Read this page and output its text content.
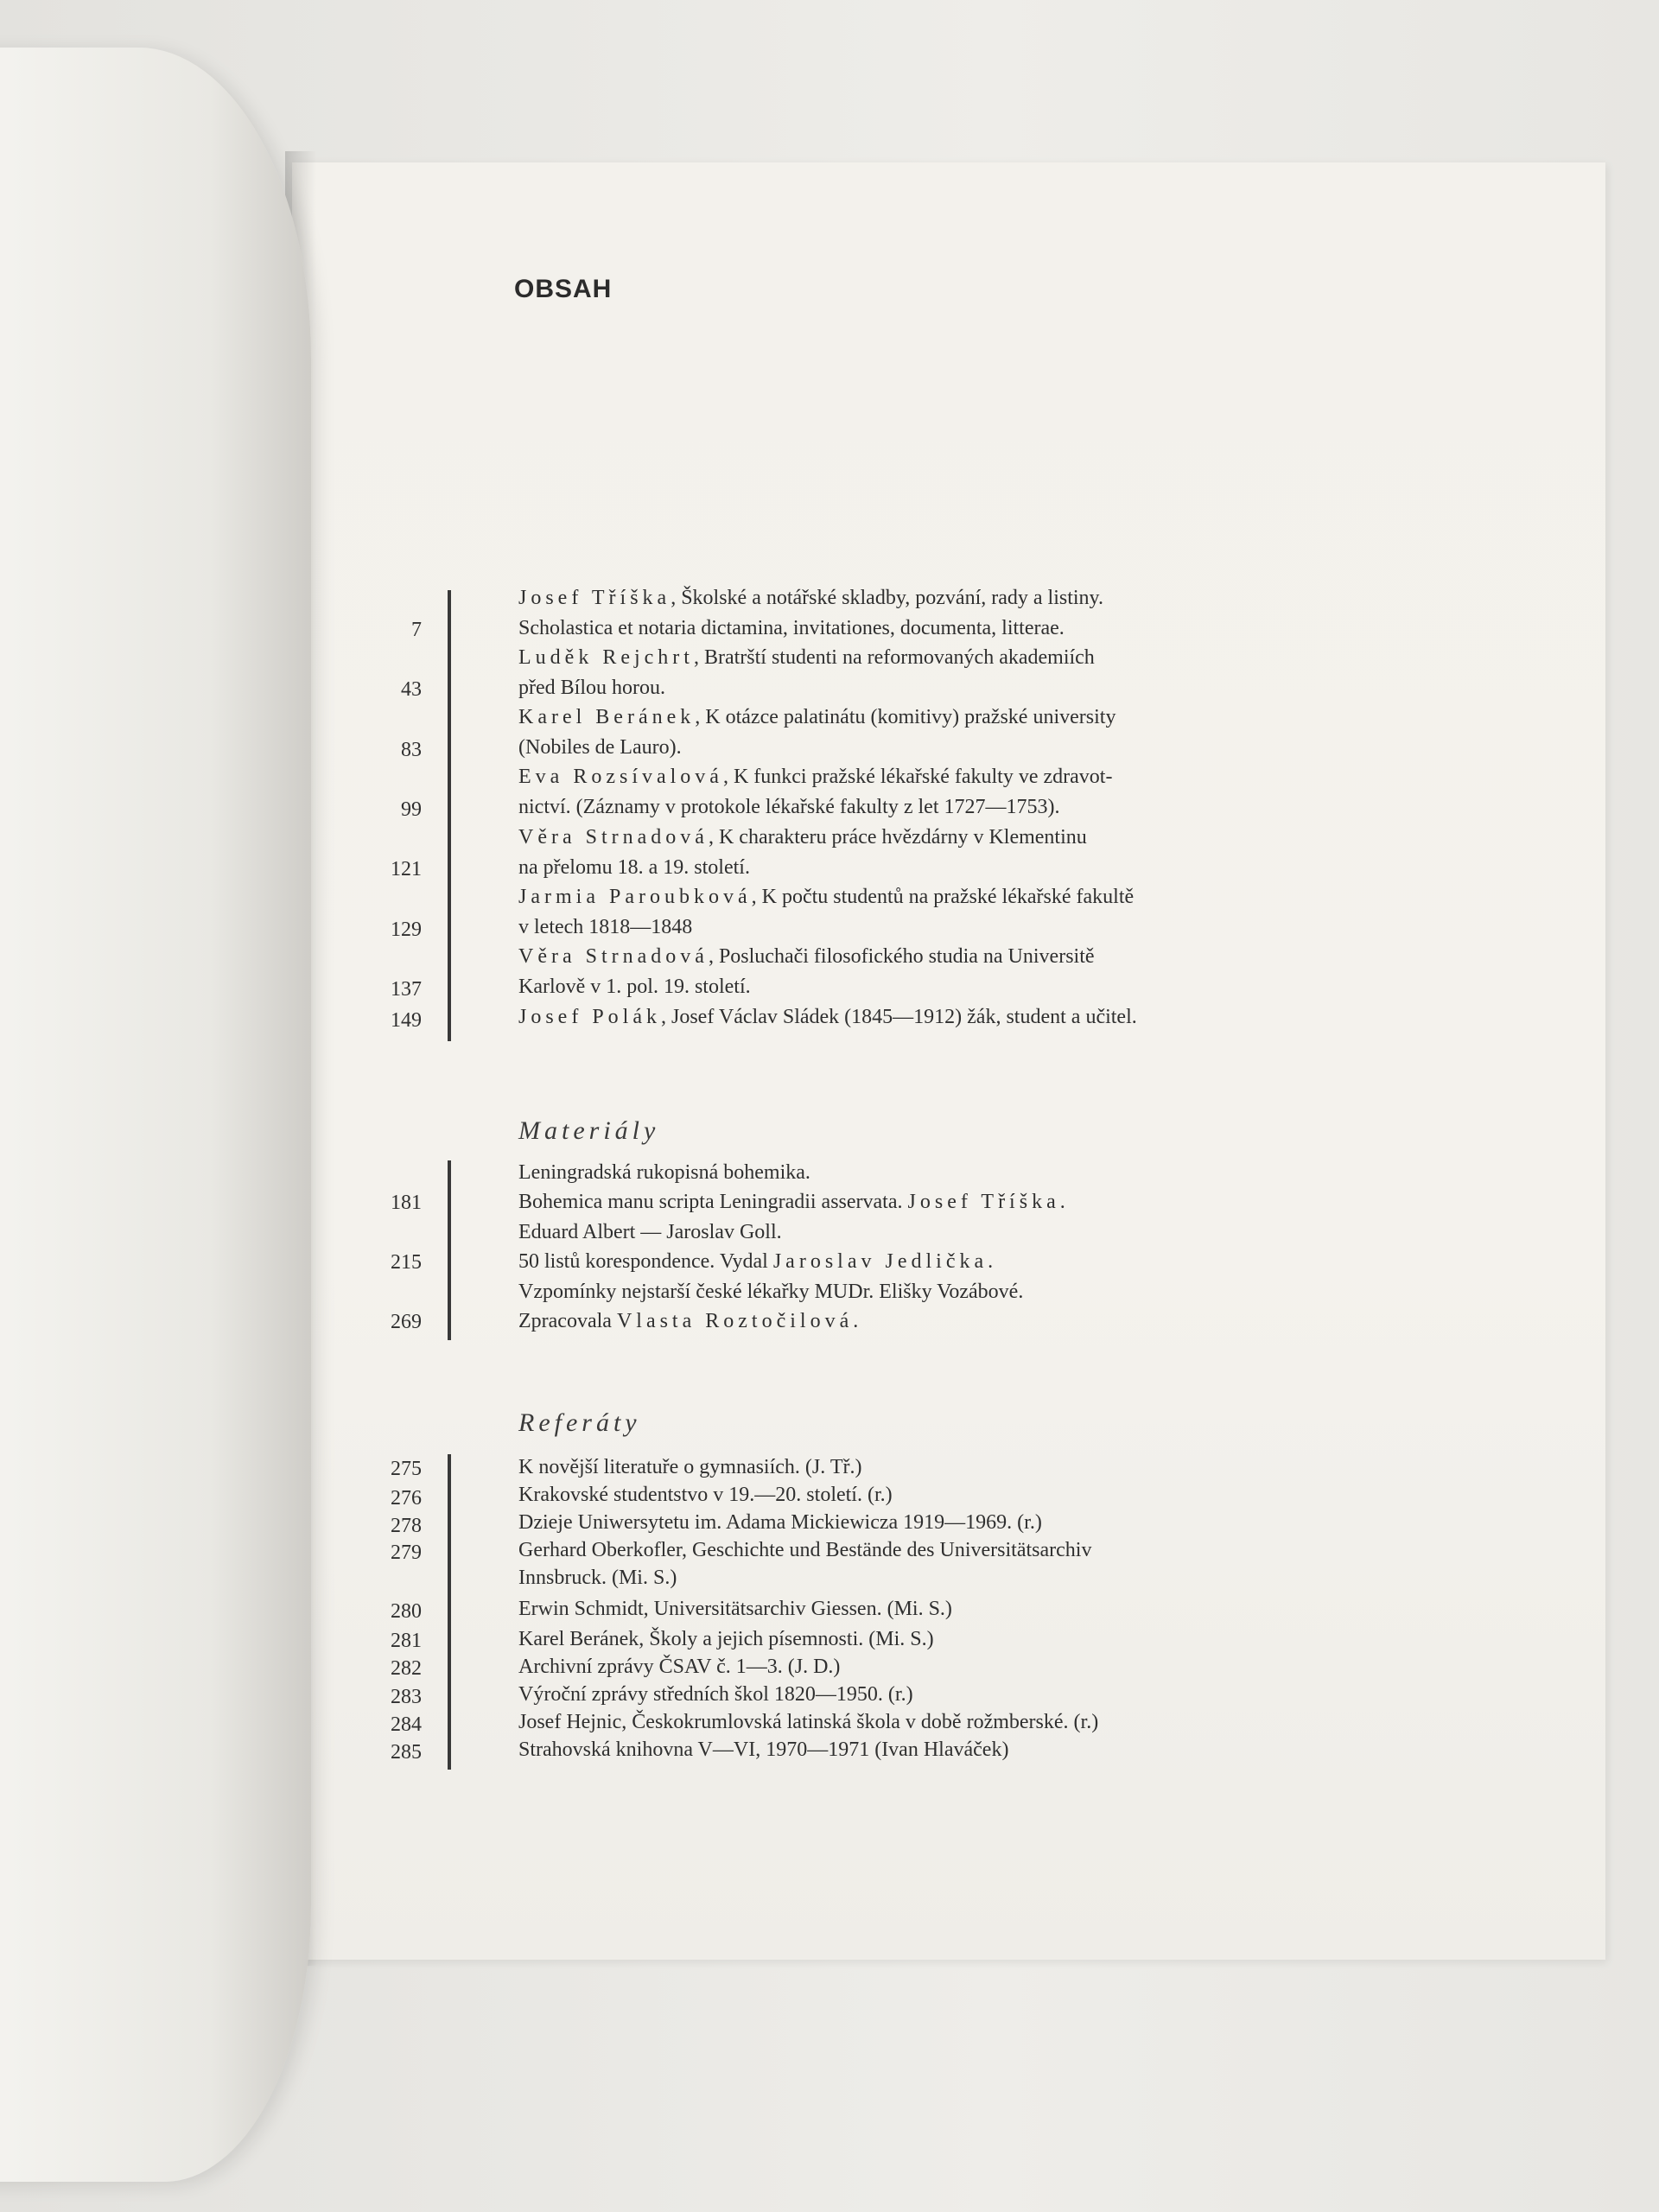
OBSAH
Josef Tříška, Školské a notářské skladby, pozvání, rady a listiny.
Scholastica et notaria dictamina, invitationes, documenta, litterae.
7
Luděk Rejchrt, Bratrští studenti na reformovaných akademiích
před Bílou horou.
43
Karel Beránek, K otázce palatinátu (komitivy) pražské university
(Nobiles de Lauro).
83
Eva Rozsívalová, K funkci pražské lékařské fakulty ve zdravot-
nictví. (Záznamy v protokole lékařské fakulty z let 1727—1753).
99
Věra Strnadová, K charakteru práce hvězdárny v Klementinu
na přelomu 18. a 19. století.
121
Jarmia Paroubková, K počtu studentů na pražské lékařské fakultě
v letech 1818—1848
129
Věra Strnadová, Posluchači filosofického studia na Universitě
Karlově v 1. pol. 19. století.
137
Josef Polák, Josef Václav Sládek (1845—1912) žák, student a učitel.
149
Materiály
Leningradská rukopisná bohemika.
Bohemica manu scripta Leningradii asservata. Josef Tříška.
181
Eduard Albert — Jaroslav Goll.
50 listů korespondence. Vydal Jaroslav Jedlička.
215
Vzpomínky nejstarší české lékařky MUDr. Elišky Vozábové.
Zpracovala Vlasta Roztočilová.
269
Referáty
K novější literatuře o gymnasiích. (J. Tř.)
275
Krakovské studentstvo v 19.—20. století. (r.)
276
Dzieje Uniwersytetu im. Adama Mickiewicza 1919—1969. (r.)
278
Gerhard Oberkofler, Geschichte und Bestände des Universitätsarchiv
Innsbruck. (Mi. S.)
279
Erwin Schmidt, Universitätsarchiv Giessen. (Mi. S.)
280
Karel Beránek, Školy a jejich písemnosti. (Mi. S.)
281
Archivní zprávy ČSAV č. 1—3. (J. D.)
282
Výroční zprávy středních škol 1820—1950. (r.)
283
Josef Hejnic, Českokrumlovská latinská škola v době rožmberské. (r.)
284
Strahovská knihovna V—VI, 1970—1971 (Ivan Hlaváček)
285
